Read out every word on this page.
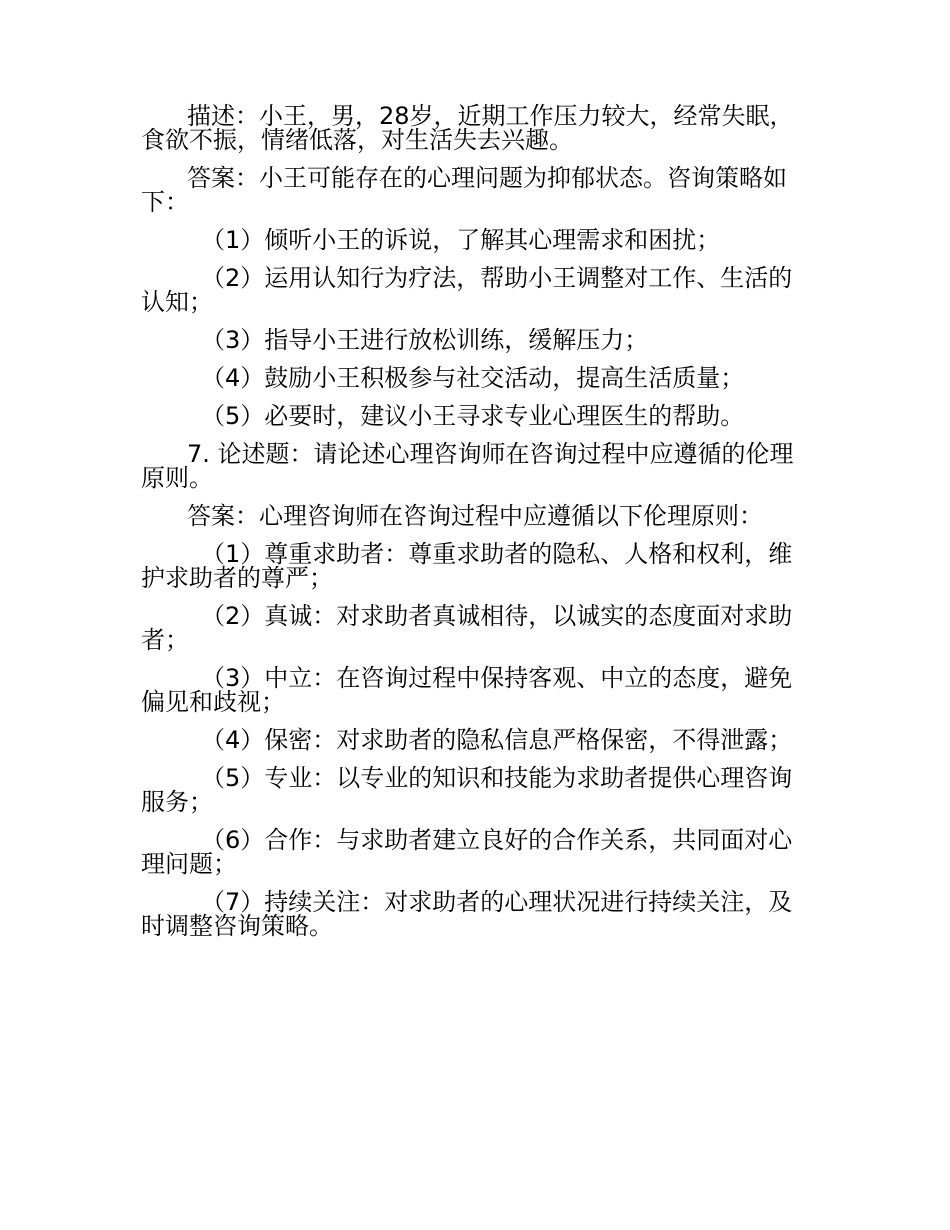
描述：小王，男，28岁，近期工作压力较大，经常失眠，食欲不振，情绪低落，对生活失去兴趣。

答案：小王可能存在的心理问题为抑郁状态。咨询策略如下：

（1）倾听小王的诉说，了解其心理需求和困扰；

（2）运用认知行为疗法，帮助小王调整对工作、生活的认知；

（3）指导小王进行放松训练，缓解压力；

（4）鼓励小王积极参与社交活动，提高生活质量；

（5）必要时，建议小王寻求专业心理医生的帮助。

7. 论述题：请论述心理咨询师在咨询过程中应遵循的伦理原则。

答案：心理咨询师在咨询过程中应遵循以下伦理原则：

（1）尊重求助者：尊重求助者的隐私、人格和权利，维护求助者的尊严；

（2）真诚：对求助者真诚相待，以诚实的态度面对求助者；

（3）中立：在咨询过程中保持客观、中立的态度，避免偏见和歧视；

（4）保密：对求助者的隐私信息严格保密，不得泄露；

（5）专业：以专业的知识和技能为求助者提供心理咨询服务；

（6）合作：与求助者建立良好的合作关系，共同面对心理问题；

（7）持续关注：对求助者的心理状况进行持续关注，及时调整咨询策略。
